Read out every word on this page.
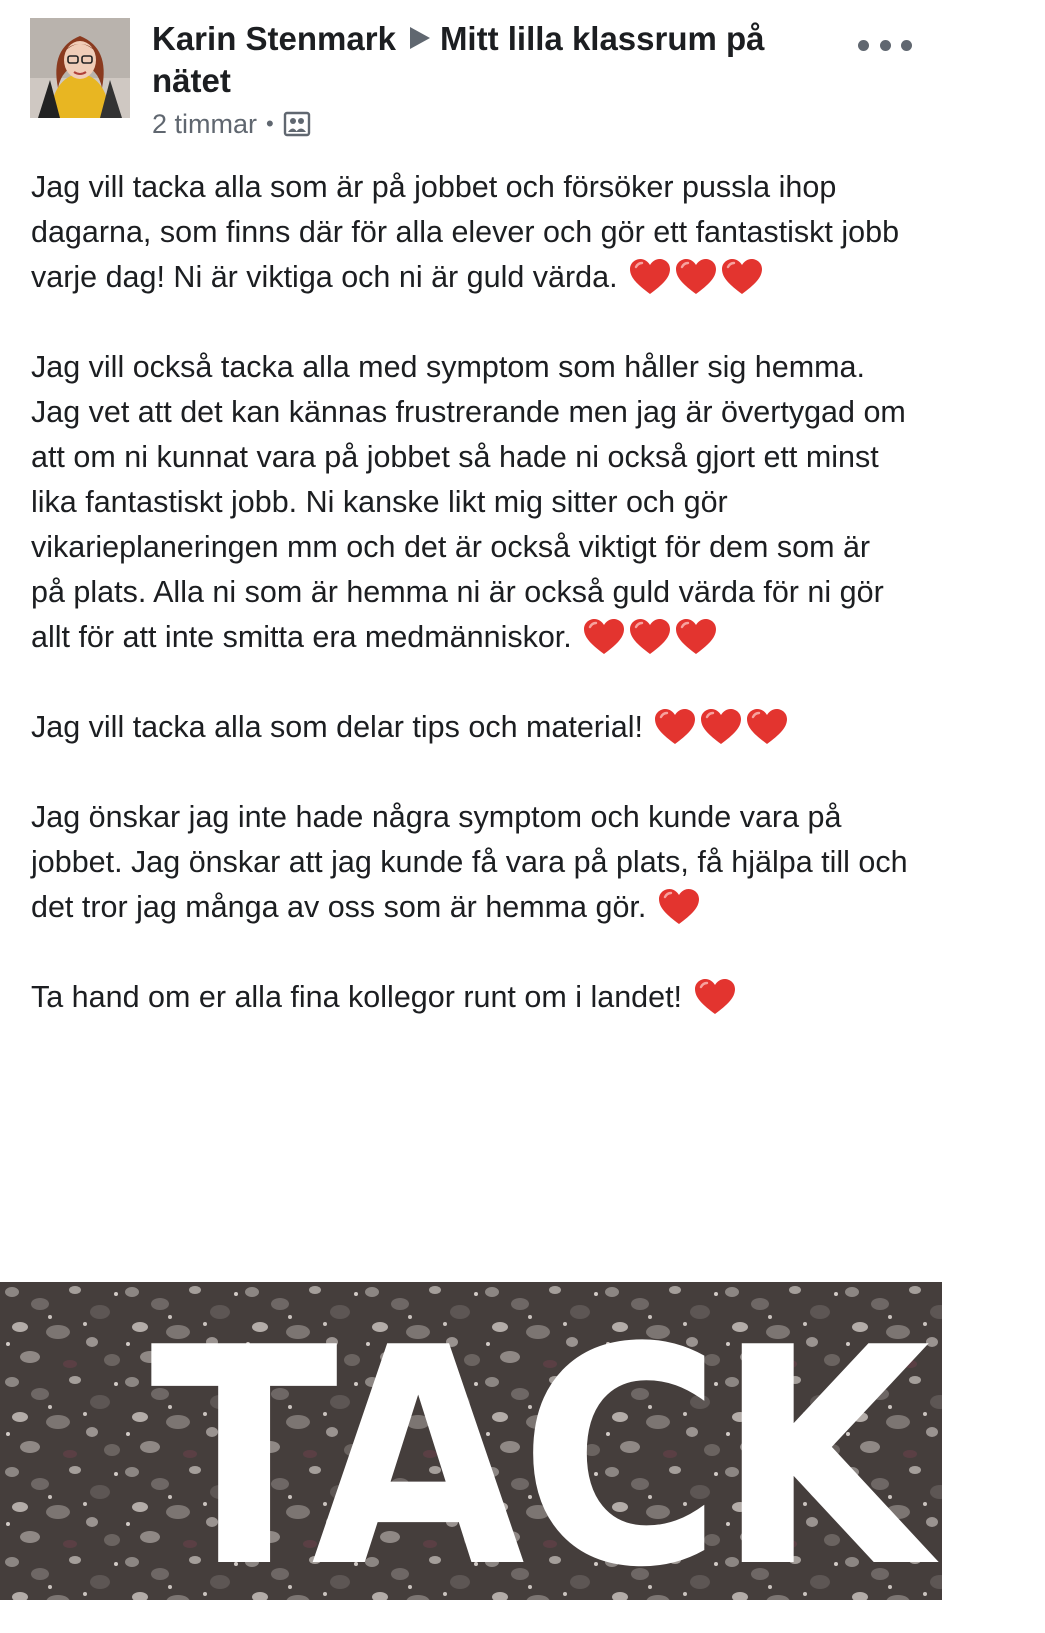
Karin Stenmark Mitt lilla klassrum på nätet
2 timmar •

Jag vill tacka alla som är på jobbet och försöker pussla ihop dagarna, som finns där för alla elever och gör ett fantastiskt jobb varje dag! Ni är viktiga och ni är guld värda.

Jag vill också tacka alla med symptom som håller sig hemma. Jag vet att det kan kännas frustrerande men jag är övertygad om att om ni kunnat vara på jobbet så hade ni också gjort ett minst lika fantastiskt jobb. Ni kanske likt mig sitter och gör vikarieplaneringen mm och det är också viktigt för dem som är på plats. Alla ni som är hemma ni är också guld värda för ni gör allt för att inte smitta era medmänniskor.

Jag vill tacka alla som delar tips och material!

Jag önskar jag inte hade några symptom och kunde vara på jobbet. Jag önskar att jag kunde få vara på plats, få hjälpa till och det tror jag många av oss som är hemma gör.

Ta hand om er alla fina kollegor runt om i landet!

TACK!
